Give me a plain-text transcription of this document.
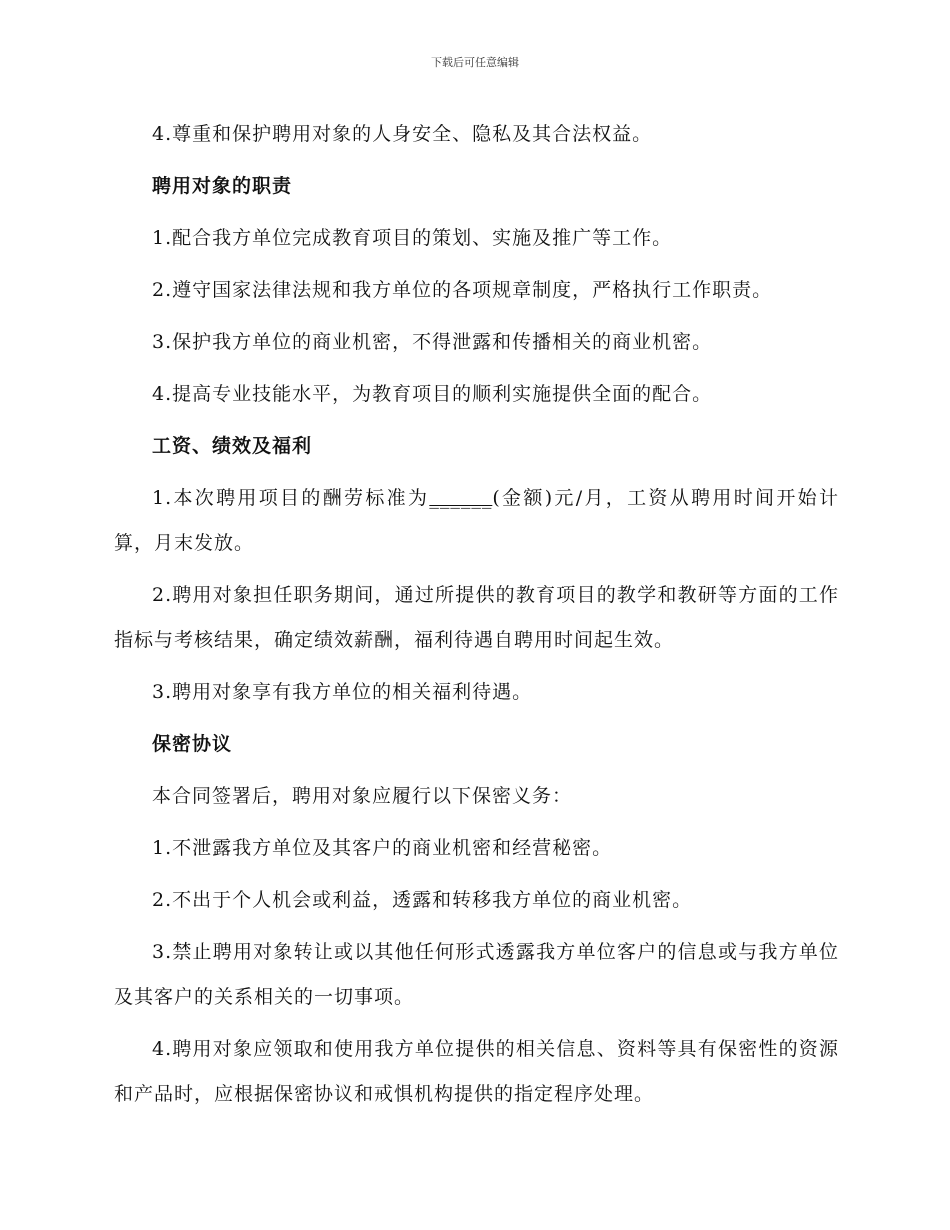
下载后可任意编辑

4.尊重和保护聘用对象的人身安全、隐私及其合法权益。

聘用对象的职责

1.配合我方单位完成教育项目的策划、实施及推广等工作。

2.遵守国家法律法规和我方单位的各项规章制度，严格执行工作职责。

3.保护我方单位的商业机密，不得泄露和传播相关的商业机密。

4.提高专业技能水平，为教育项目的顺利实施提供全面的配合。

工资、绩效及福利

1.本次聘用项目的酬劳标准为______(金额)元/月，工资从聘用时间开始计算，月末发放。

2.聘用对象担任职务期间，通过所提供的教育项目的教学和教研等方面的工作指标与考核结果，确定绩效薪酬，福利待遇自聘用时间起生效。

3.聘用对象享有我方单位的相关福利待遇。

保密协议

本合同签署后，聘用对象应履行以下保密义务：

1.不泄露我方单位及其客户的商业机密和经营秘密。

2.不出于个人机会或利益，透露和转移我方单位的商业机密。

3.禁止聘用对象转让或以其他任何形式透露我方单位客户的信息或与我方单位及其客户的关系相关的一切事项。

4.聘用对象应领取和使用我方单位提供的相关信息、资料等具有保密性的资源和产品时，应根据保密协议和戒惧机构提供的指定程序处理。
